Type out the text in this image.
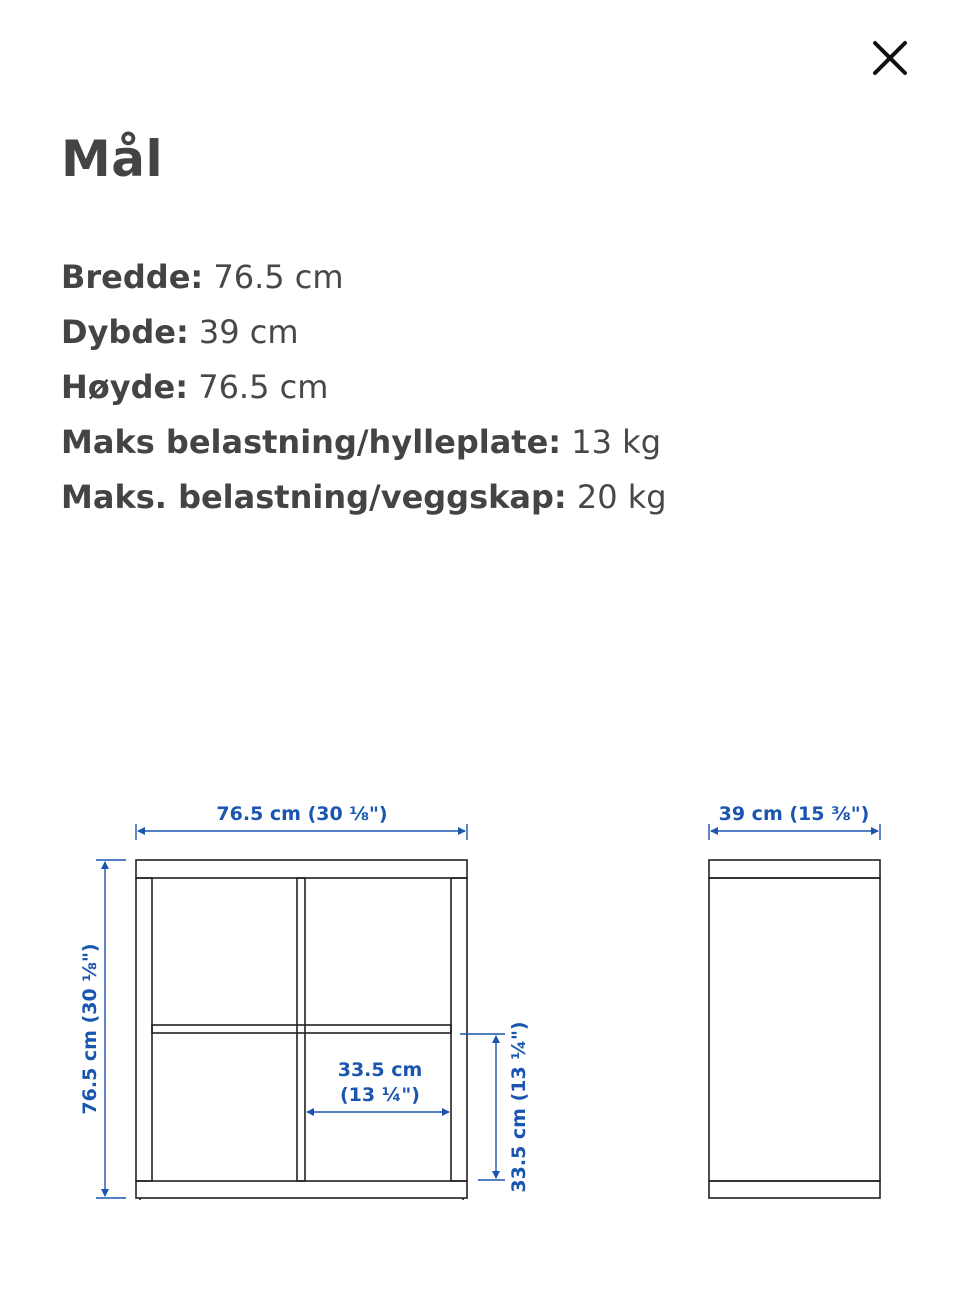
Mål
Bredde: 76.5 cm
Dybde: 39 cm
Høyde: 76.5 cm
Maks belastning/hylleplate: 13 kg
Maks. belastning/veggskap: 20 kg
76.5 cm (30 ⅛")
76.5 cm (30 ⅛")
39 cm (15 ⅜")
33.5 cm
(13 ¼")	33.5 cm (13 ¼")
